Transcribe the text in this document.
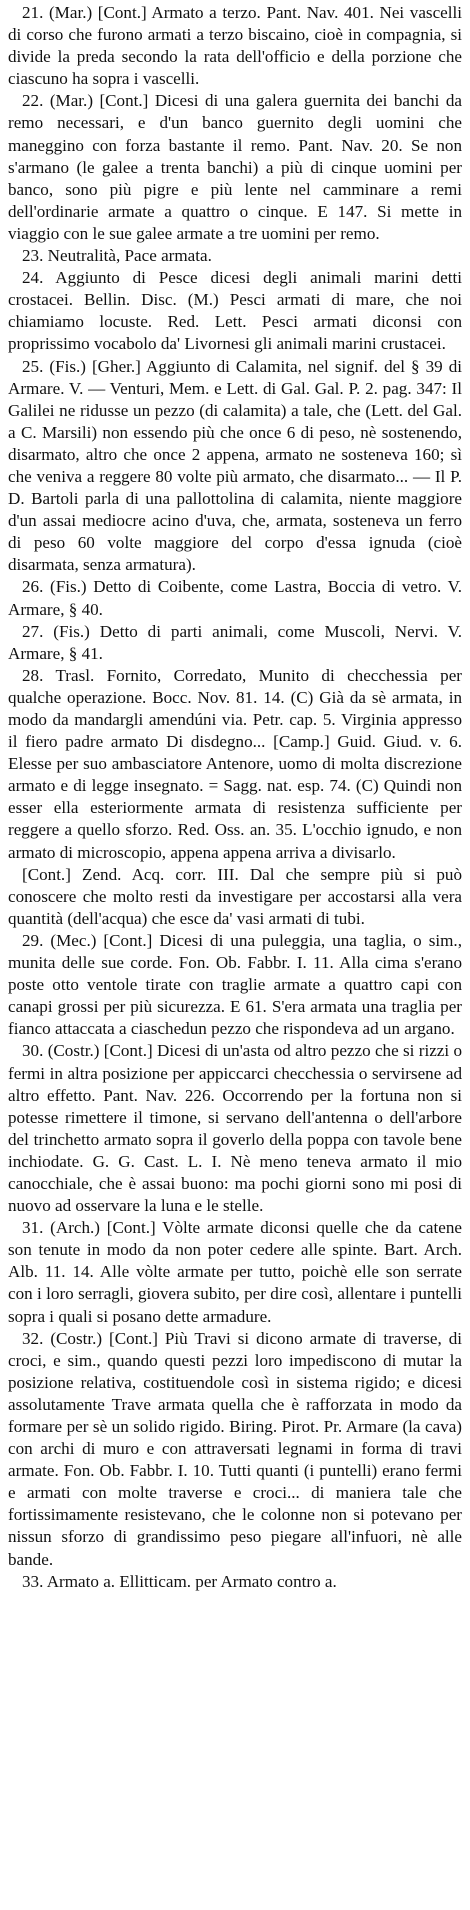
21. (Mar.) [Cont.] Armato a terzo. Pant. Nav. 401. Nei vascelli di corso che furono armati a terzo biscaino, cioè in compagnia, si divide la preda secondo la rata dell'officio e della porzione che ciascuno ha sopra i vascelli.

22. (Mar.) [Cont.] Dicesi di una galera guernita dei banchi da remo necessari, e d'un banco guernito degli uomini che maneggino con forza bastante il remo. Pant. Nav. 20. Se non s'armano (le galee a trenta banchi) a più di cinque uomini per banco, sono più pigre e più lente nel camminare a remi dell'ordinarie armate a quattro o cinque. E 147. Si mette in viaggio con le sue galee armate a tre uomini per remo.

23. Neutralità, Pace armata.

24. Aggiunto di Pesce dicesi degli animali marini detti crostacei. Bellin. Disc. (M.) Pesci armati di mare, che noi chiamiamo locuste. Red. Lett. Pesci armati diconsi con proprissimo vocabolo da' Livornesi gli animali marini crustacei.

25. (Fis.) [Gher.] Aggiunto di Calamita, nel signif. del § 39 di Armare. V. — Venturi, Mem. e Lett. di Gal. Gal. P. 2. pag. 347: Il Galilei ne ridusse un pezzo (di calamita) a tale, che (Lett. del Gal. a C. Marsili) non essendo più che once 6 di peso, nè sostenendo, disarmato, altro che once 2 appena, armato ne sosteneva 160; sì che veniva a reggere 80 volte più armato, che disarmato... — Il P. D. Bartoli parla di una pallottolina di calamita, niente maggiore d'un assai mediocre acino d'uva, che, armata, sosteneva un ferro di peso 60 volte maggiore del corpo d'essa ignuda (cioè disarmata, senza armatura).

26. (Fis.) Detto di Coibente, come Lastra, Boccia di vetro. V. Armare, § 40.

27. (Fis.) Detto di parti animali, come Muscoli, Nervi. V. Armare, § 41.

28. Trasl. Fornito, Corredato, Munito di checchessia per qualche operazione. Bocc. Nov. 81. 14. (C) Già da sè armata, in modo da mandargli amendúni via. Petr. cap. 5. Virginia appresso il fiero padre armato Di disdegno... [Camp.] Guid. Giud. v. 6. Elesse per suo ambasciatore Antenore, uomo di molta discrezione armato e di legge insegnato. = Sagg. nat. esp. 74. (C) Quindi non esser ella esteriormente armata di resistenza sufficiente per reggere a quello sforzo. Red. Oss. an. 35. L'occhio ignudo, e non armato di microscopio, appena appena arriva a divisarlo.

[Cont.] Zend. Acq. corr. III. Dal che sempre più si può conoscere che molto resti da investigare per accostarsi alla vera quantità (dell'acqua) che esce da' vasi armati di tubi.

29. (Mec.) [Cont.] Dicesi di una puleggia, una taglia, o sim., munita delle sue corde. Fon. Ob. Fabbr. I. 11. Alla cima s'erano poste otto ventole tirate con traglie armate a quattro capi con canapi grossi per più sicurezza. E 61. S'era armata una traglia per fianco attaccata a ciaschedun pezzo che rispondeva ad un argano.

30. (Costr.) [Cont.] Dicesi di un'asta od altro pezzo che si rizzi o fermi in altra posizione per appiccarci checchessia o servirsene ad altro effetto. Pant. Nav. 226. Occorrendo per la fortuna non si potesse rimettere il timone, si servano dell'antenna o dell'arbore del trinchetto armato sopra il goverlo della poppa con tavole bene inchiodate. G. G. Cast. L. I. Nè meno teneva armato il mio canocchiale, che è assai buono: ma pochi giorni sono mi posi di nuovo ad osservare la luna e le stelle.

31. (Arch.) [Cont.] Vòlte armate diconsi quelle che da catene son tenute in modo da non poter cedere alle spinte. Bart. Arch. Alb. 11. 14. Alle vòlte armate per tutto, poichè elle son serrate con i loro serragli, giovera subito, per dire così, allentare i puntelli sopra i quali si posano dette armadure.

32. (Costr.) [Cont.] Più Travi si dicono armate di traverse, di croci, e sim., quando questi pezzi loro impediscono di mutar la posizione relativa, costituendole così in sistema rigido; e dicesi assolutamente Trave armata quella che è rafforzata in modo da formare per sè un solido rigido. Biring. Pirot. Pr. Armare (la cava) con archi di muro e con attraversati legnami in forma di travi armate. Fon. Ob. Fabbr. I. 10. Tutti quanti (i puntelli) erano fermi e armati con molte traverse e croci... di maniera tale che fortissimamente resistevano, che le colonne non si potevano per nissun sforzo di grandissimo peso piegare all'infuori, nè alle bande.

33. Armato a. Ellitticam. per Armato contro a.
